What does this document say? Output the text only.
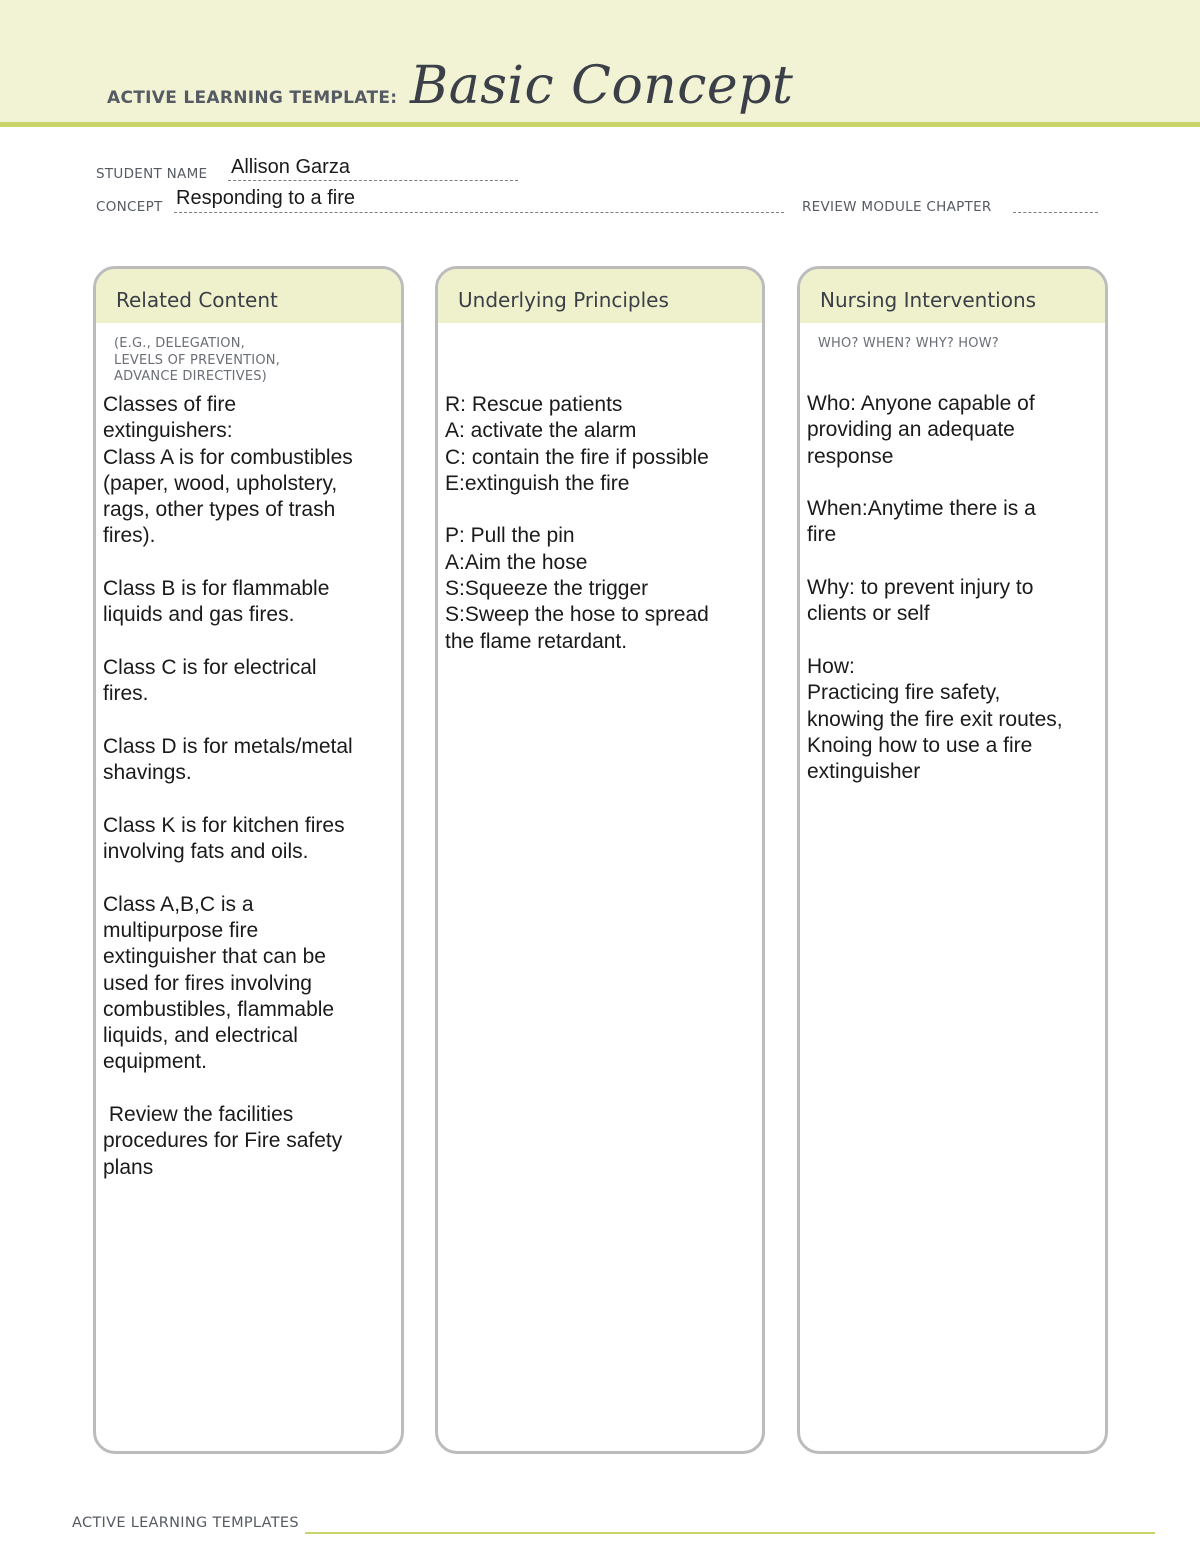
ACTIVE LEARNING TEMPLATE: Basic Concept
STUDENT NAME Allison Garza
CONCEPT Responding to a fire	REVIEW MODULE CHAPTER
Related Content
(E.G., DELEGATION,
LEVELS OF PREVENTION,
ADVANCE DIRECTIVES)
Classes of fire
extinguishers:
Class A is for combustibles
(paper, wood, upholstery,
rags, other types of trash
fires).

Class B is for flammable
liquids and gas fires.

Class C is for electrical
fires.

Class D is for metals/metal
shavings.

Class K is for kitchen fires
involving fats and oils.

Class A,B,C is a
multipurpose fire
extinguisher that can be
used for fires involving
combustibles, flammable
liquids, and electrical
equipment.

Review the facilities
procedures for Fire safety
plans
Underlying Principles
R: Rescue patients
A: activate the alarm
C: contain the fire if possible
E:extinguish the fire

P: Pull the pin
A:Aim the hose
S:Squeeze the trigger
S:Sweep the hose to spread
the flame retardant.
Nursing Interventions
WHO? WHEN? WHY? HOW?
Who: Anyone capable of
providing an adequate
response

When:Anytime there is a
fire

Why: to prevent injury to
clients or self

How:
Practicing fire safety,
knowing the fire exit routes,
Knoing how to use a fire
extinguisher
ACTIVE LEARNING TEMPLATES
